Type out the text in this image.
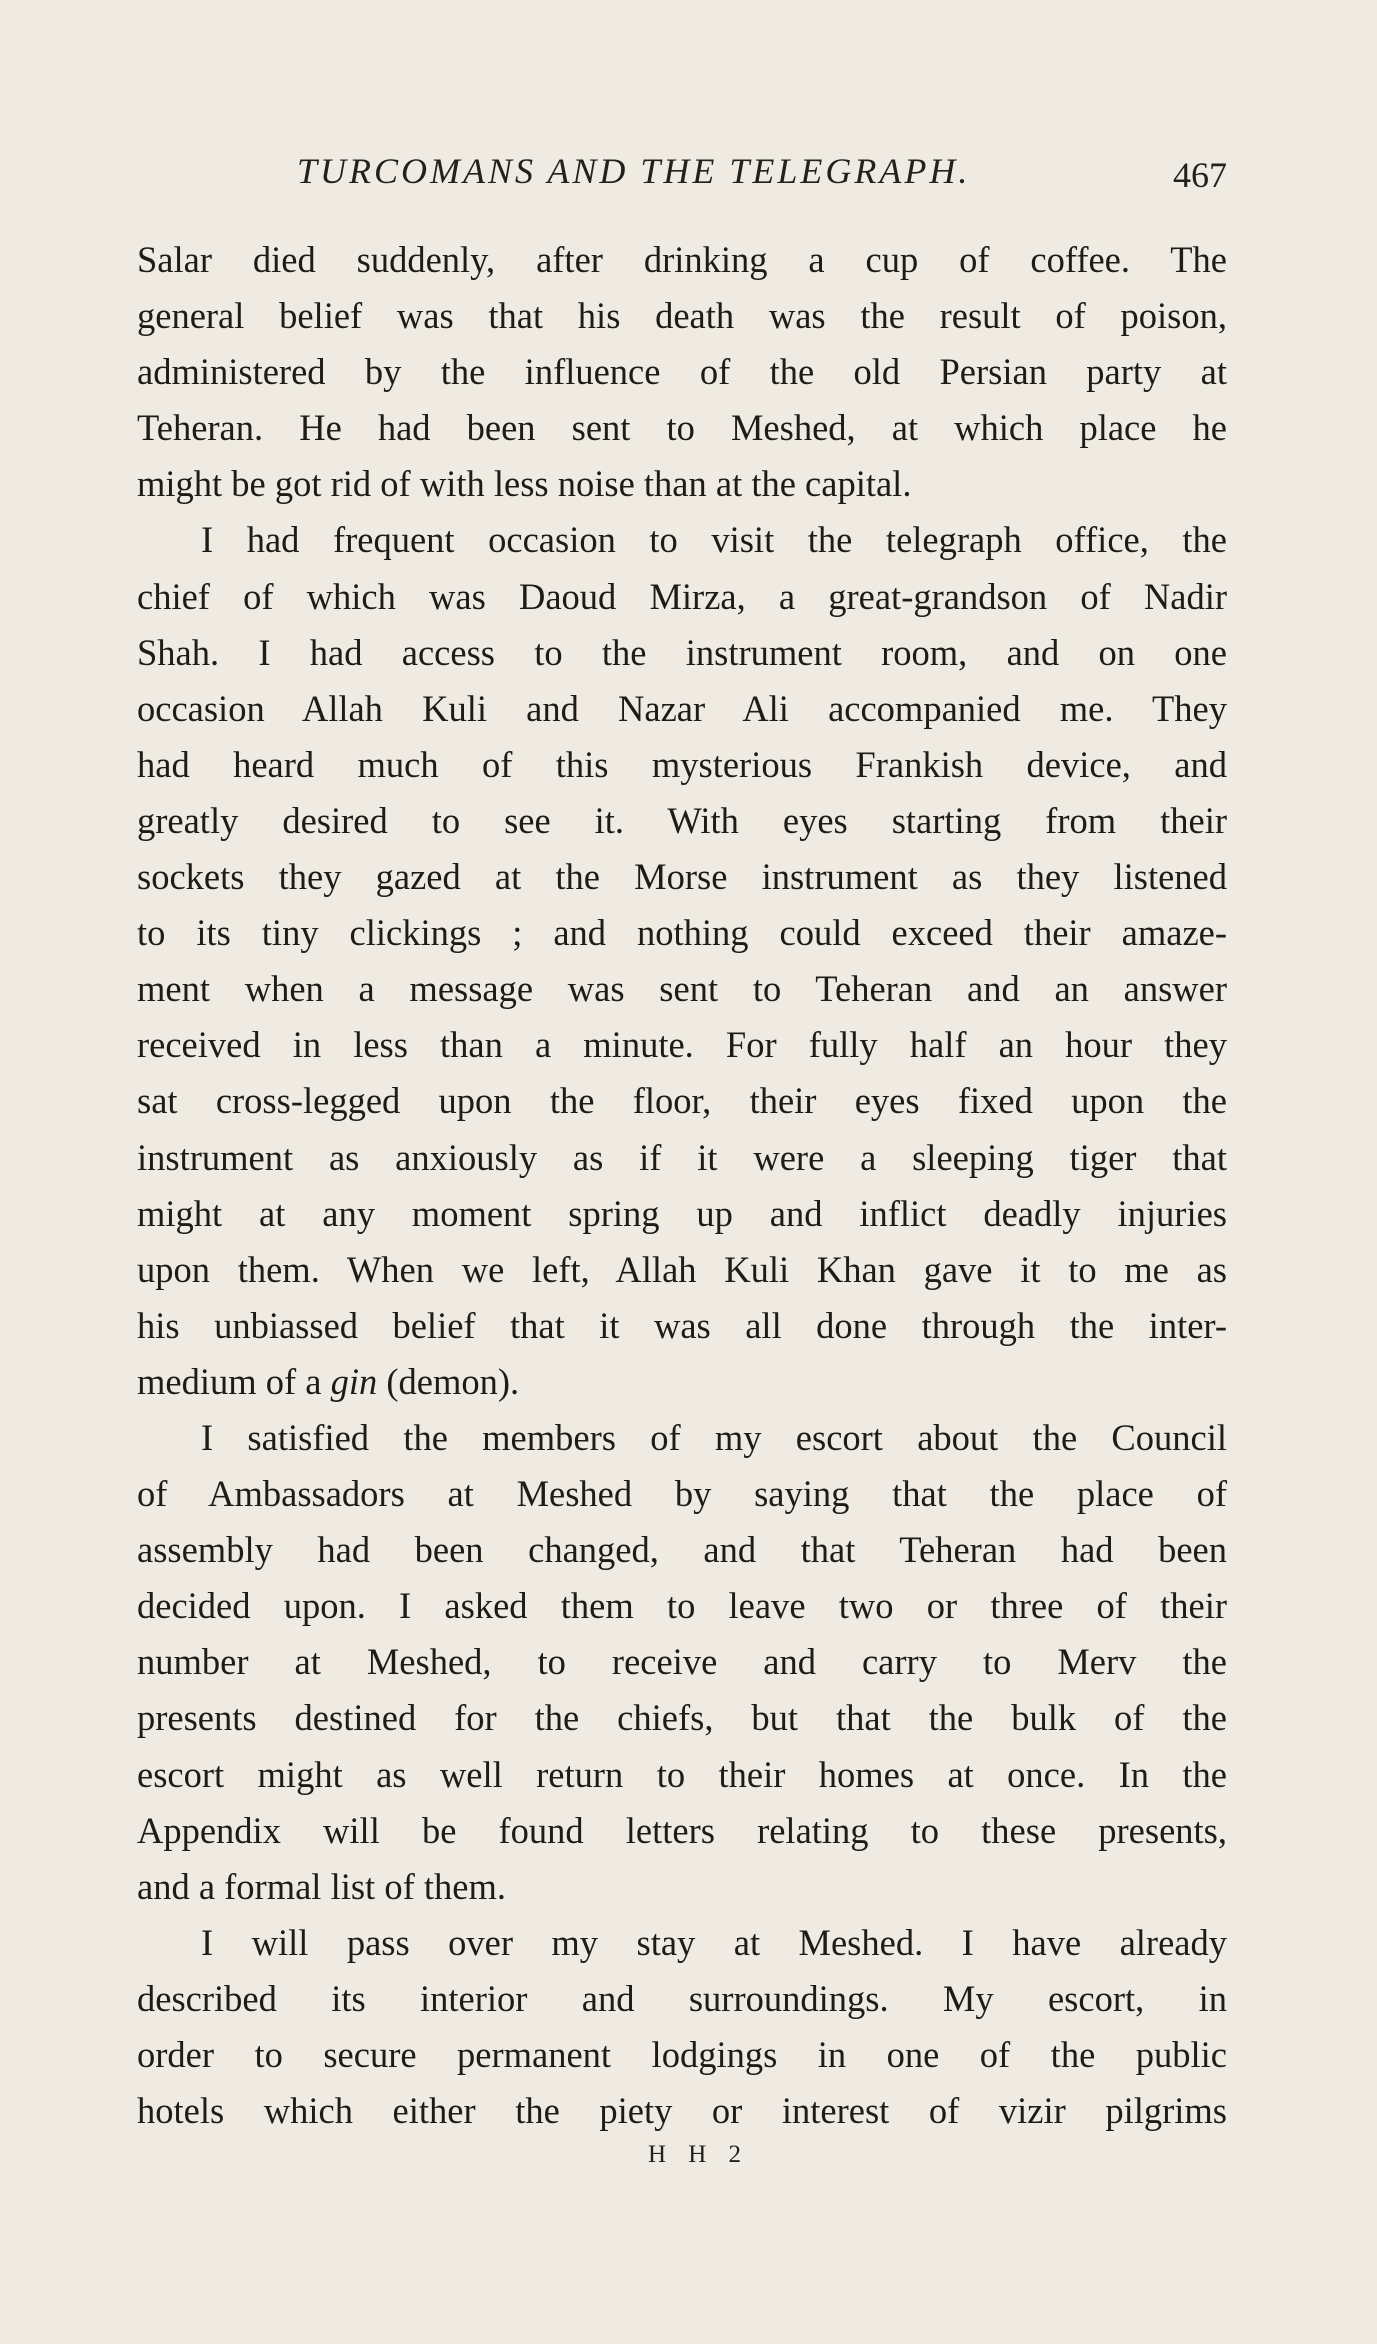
TURCOMANS AND THE TELEGRAPH.	467
Salar died suddenly, after drinking a cup of coffee. The
general belief was that his death was the result of poison,
administered by the influence of the old Persian party at
Teheran. He had been sent to Meshed, at which place he
might be got rid of with less noise than at the capital.
I had frequent occasion to visit the telegraph office, the
chief of which was Daoud Mirza, a great-grandson of Nadir
Shah. I had access to the instrument room, and on one
occasion Allah Kuli and Nazar Ali accompanied me. They
had heard much of this mysterious Frankish device, and
greatly desired to see it. With eyes starting from their
sockets they gazed at the Morse instrument as they listened
to its tiny clickings ; and nothing could exceed their amaze-
ment when a message was sent to Teheran and an answer
received in less than a minute. For fully half an hour they
sat cross-legged upon the floor, their eyes fixed upon the
instrument as anxiously as if it were a sleeping tiger that
might at any moment spring up and inflict deadly injuries
upon them. When we left, Allah Kuli Khan gave it to me as
his unbiassed belief that it was all done through the inter-
medium of a gin (demon).
I satisfied the members of my escort about the Council
of Ambassadors at Meshed by saying that the place of
assembly had been changed, and that Teheran had been
decided upon. I asked them to leave two or three of their
number at Meshed, to receive and carry to Merv the
presents destined for the chiefs, but that the bulk of the
escort might as well return to their homes at once. In the
Appendix will be found letters relating to these presents,
and a formal list of them.
I will pass over my stay at Meshed. I have already
described its interior and surroundings. My escort, in
order to secure permanent lodgings in one of the public
hotels which either the piety or interest of vizir pilgrims
H H 2
